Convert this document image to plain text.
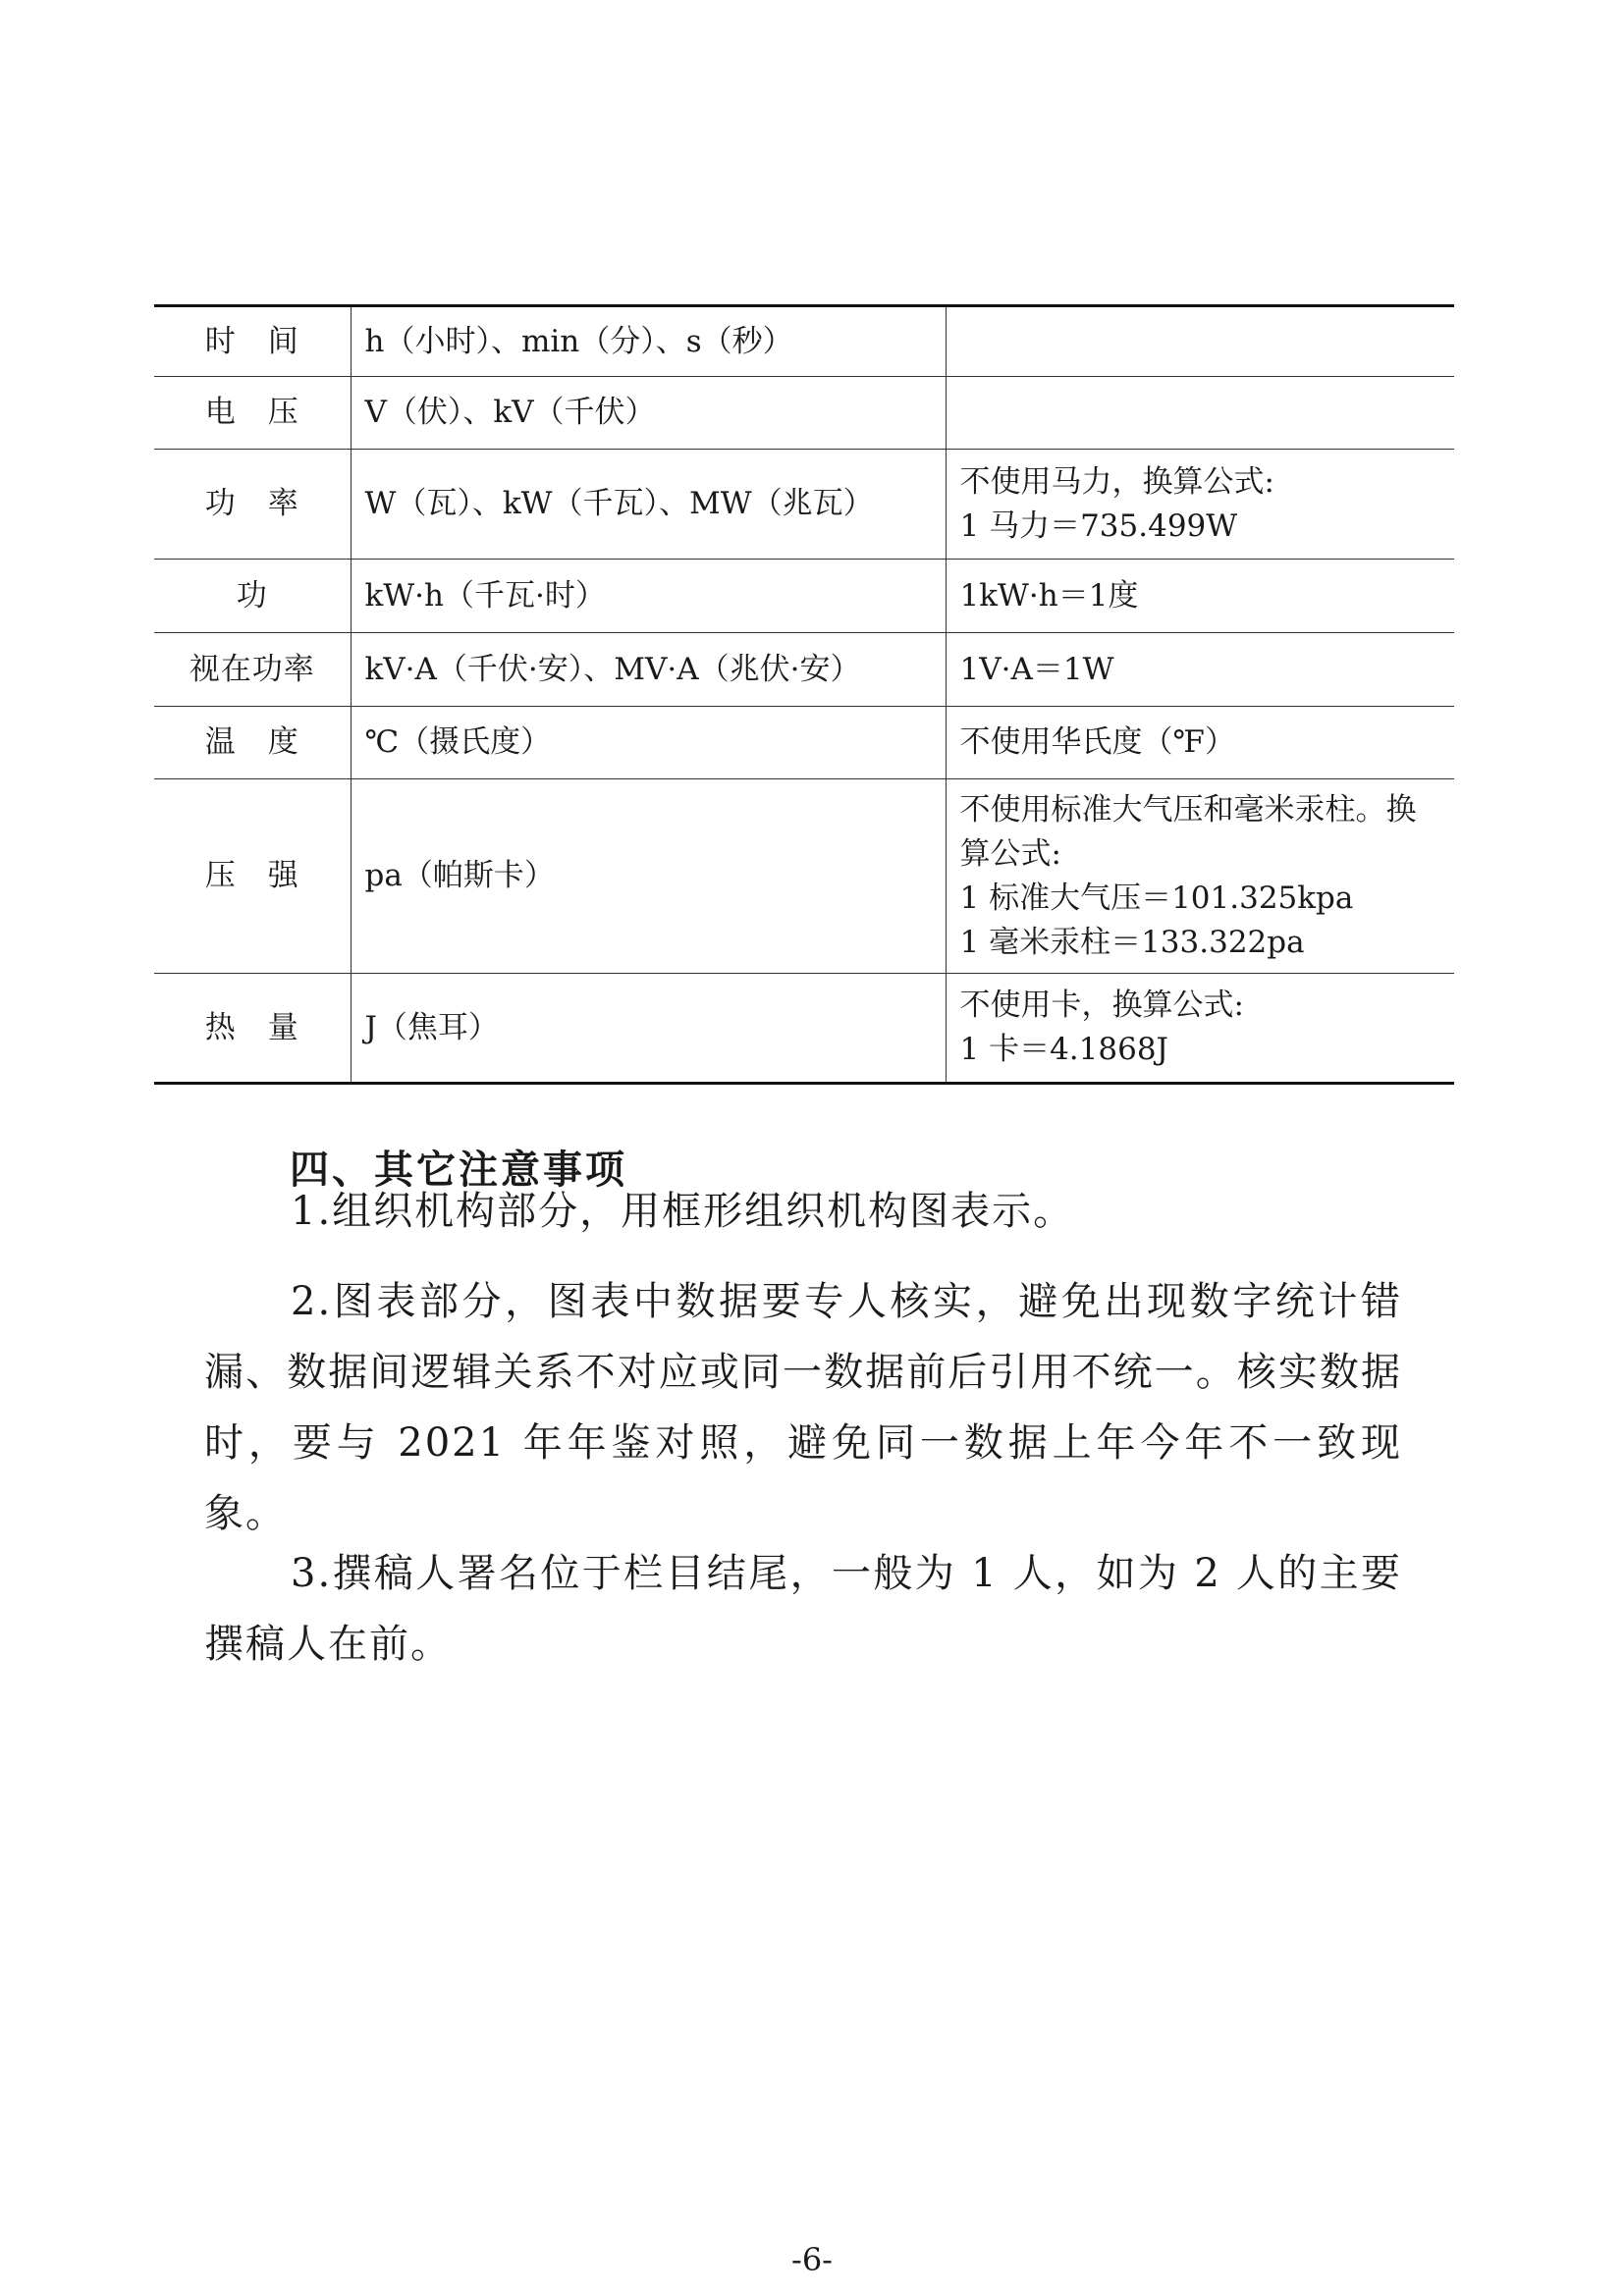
时　间	h（小时）、min（分）、s（秒）	
电　压	V（伏）、kV（千伏）	
功　率	W（瓦）、kW（千瓦）、MW（兆瓦）	不使用马力，换算公式:
1 马力＝735.499W

功	kW·h（千瓦·时）	1kW·h＝1度

视在功率	kV·A（千伏·安）、MV·A（兆伏·安）	1V·A＝1W

温　度	℃（摄氏度）	不使用华氏度（℉）

压　强	pa（帕斯卡）	不使用标准大气压和毫米汞柱。换
算公式:
1 标准大气压＝101.325kpa
1 毫米汞柱＝133.322pa

热　量	J（焦耳）	不使用卡，换算公式:
1 卡＝4.1868J
四、其它注意事项

1.组织机构部分，用框形组织机构图表示。

2.图表部分，图表中数据要专人核实，避免出现数字统计错漏、数据间逻辑关系不对应或同一数据前后引用不统一。核实数据时，要与 2021 年年鉴对照，避免同一数据上年今年不一致现象。

3.撰稿人署名位于栏目结尾，一般为 1 人，如为 2 人的主要撰稿人在前。

-6-
